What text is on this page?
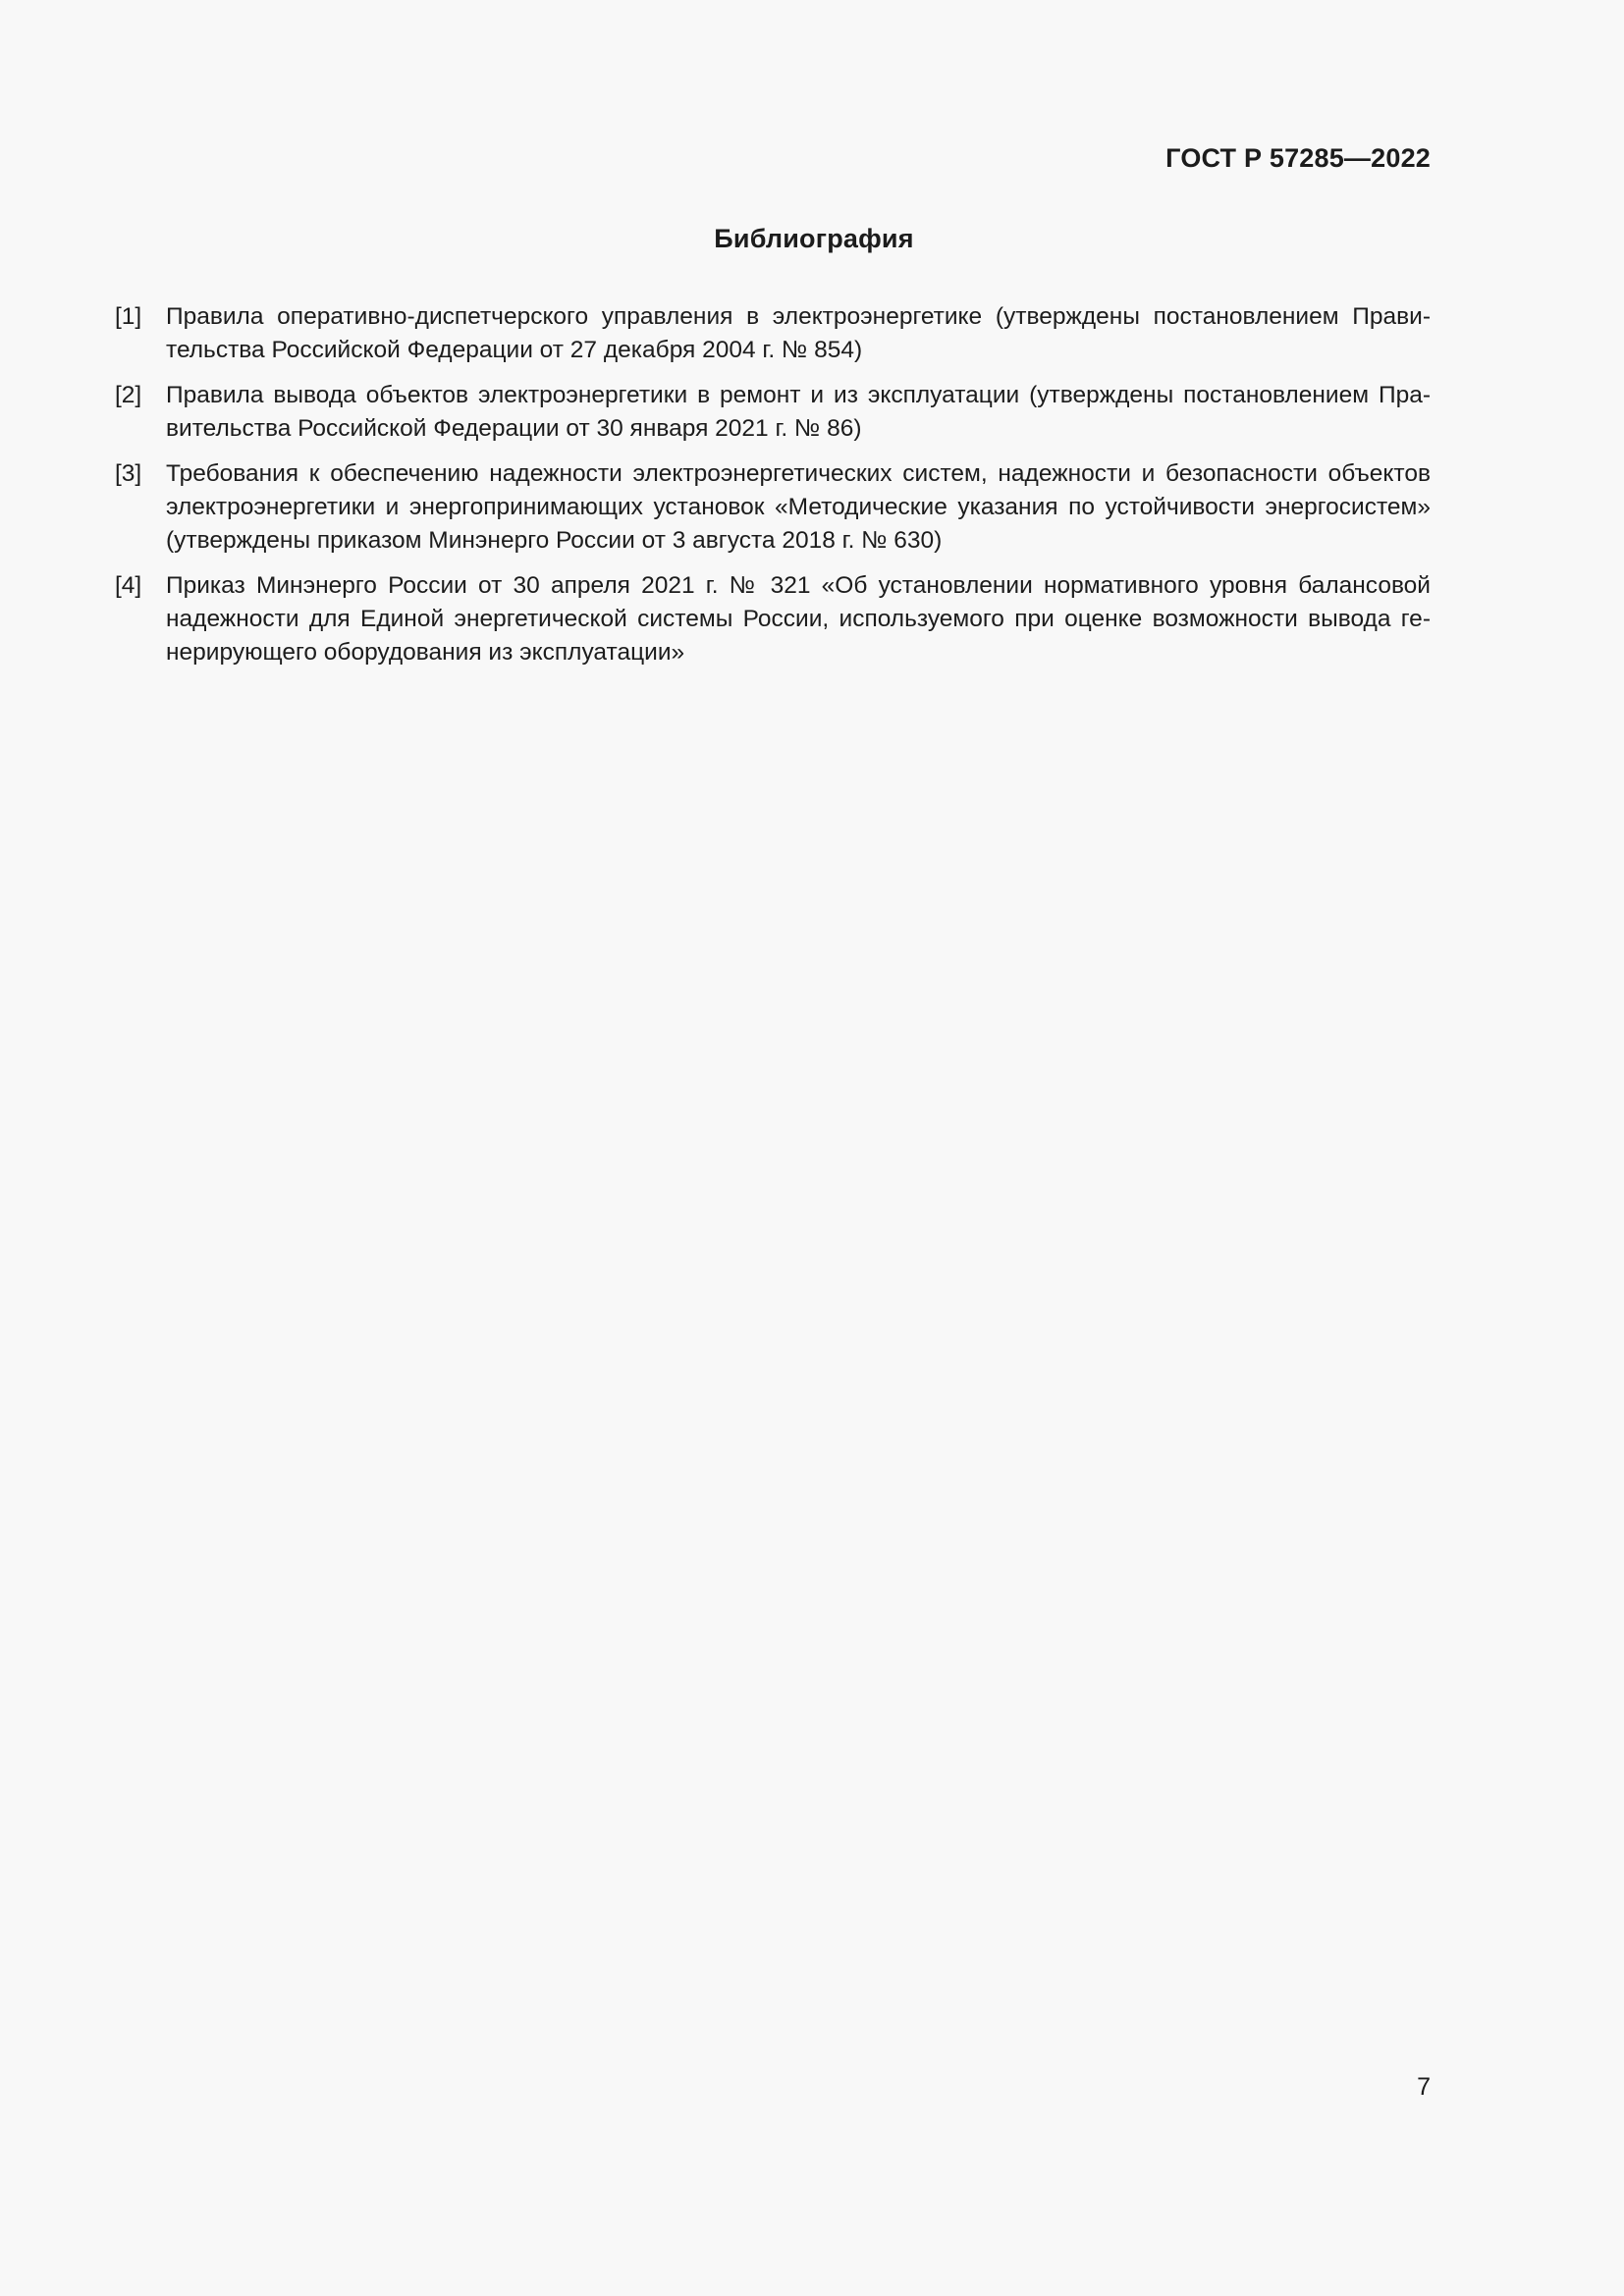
ГОСТ Р 57285—2022
Библиография
[1]	Правила оперативно-диспетчерского управления в электроэнергетике (утверждены постановлением Правительства Российской Федерации от 27 декабря 2004 г. № 854)
[2]	Правила вывода объектов электроэнергетики в ремонт и из эксплуатации (утверждены постановлением Правительства Российской Федерации от 30 января 2021 г. № 86)
[3]	Требования к обеспечению надежности электроэнергетических систем, надежности и безопасности объектов электроэнергетики и энергопринимающих установок «Методические указания по устойчивости энергосистем» (утверждены приказом Минэнерго России от 3 августа 2018 г. № 630)
[4]	Приказ Минэнерго России от 30 апреля 2021 г. № 321 «Об установлении нормативного уровня балансовой надежности для Единой энергетической системы России, используемого при оценке возможности вывода генерирующего оборудования из эксплуатации»
7
